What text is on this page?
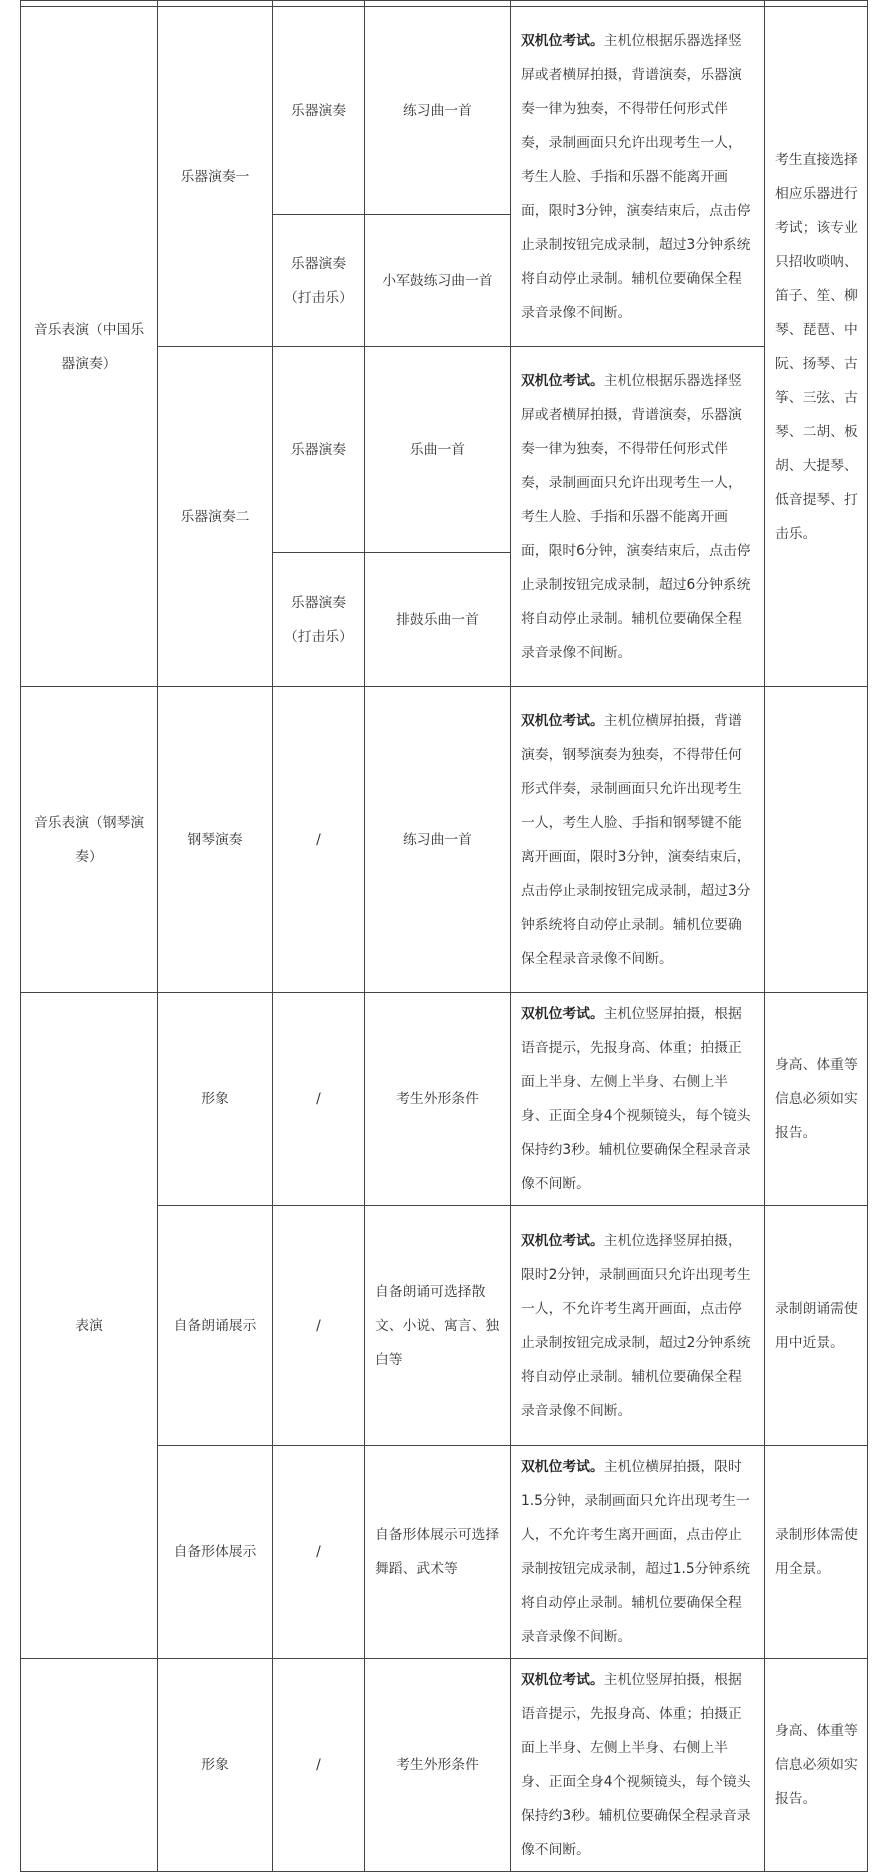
音乐表演（中国乐器演奏）	乐器演奏一	乐器演奏	练习曲一首	双机位考试。主机位根据乐器选择竖屏或者横屏拍摄，背谱演奏，乐器演奏一律为独奏，不得带任何形式伴奏，录制画面只允许出现考生一人，考生人脸、手指和乐器不能离开画面，限时3分钟，演奏结束后，点击停止录制按钮完成录制，超过3分钟系统将自动停止录制。辅机位要确保全程录音录像不间断。	考生直接选择相应乐器进行考试；该专业只招收唢呐、笛子、笙、柳琴、琵琶、中阮、扬琴、古筝、三弦、古琴、二胡、板胡、大提琴、低音提琴、打击乐。
		乐器演奏（打击乐）	小军鼓练习曲一首		
	乐器演奏二	乐器演奏	乐曲一首	双机位考试。主机位根据乐器选择竖屏或者横屏拍摄，背谱演奏，乐器演奏一律为独奏，不得带任何形式伴奏，录制画面只允许出现考生一人，考生人脸、手指和乐器不能离开画面，限时6分钟，演奏结束后，点击停止录制按钮完成录制，超过6分钟系统将自动停止录制。辅机位要确保全程录音录像不间断。	
		乐器演奏（打击乐）	排鼓乐曲一首		
音乐表演（钢琴演奏）	钢琴演奏	/	练习曲一首	双机位考试。主机位横屏拍摄，背谱演奏，钢琴演奏为独奏，不得带任何形式伴奏，录制画面只允许出现考生一人，考生人脸、手指和钢琴键不能离开画面，限时3分钟，演奏结束后，点击停止录制按钮完成录制，超过3分钟系统将自动停止录制。辅机位要确保全程录音录像不间断。	
表演	形象	/	考生外形条件	双机位考试。主机位竖屏拍摄，根据语音提示，先报身高、体重；拍摄正面上半身、左侧上半身、右侧上半身、正面全身4个视频镜头，每个镜头保持约3秒。辅机位要确保全程录音录像不间断。	身高、体重等信息必须如实报告。
	自备朗诵展示	/	自备朗诵可选择散文、小说、寓言、独白等	双机位考试。主机位选择竖屏拍摄，限时2分钟，录制画面只允许出现考生一人，不允许考生离开画面，点击停止录制按钮完成录制，超过2分钟系统将自动停止录制。辅机位要确保全程录音录像不间断。	录制朗诵需使用中近景。
	自备形体展示	/	自备形体展示可选择舞蹈、武术等	双机位考试。主机位横屏拍摄，限时1.5分钟，录制画面只允许出现考生一人，不允许考生离开画面，点击停止录制按钮完成录制，超过1.5分钟系统将自动停止录制。辅机位要确保全程录音录像不间断。	录制形体需使用全景。
	形象	/	考生外形条件	双机位考试。主机位竖屏拍摄，根据语音提示，先报身高、体重；拍摄正面上半身、左侧上半身、右侧上半身、正面全身4个视频镜头，每个镜头保持约3秒。辅机位要确保全程录音录像不间断。	身高、体重等信息必须如实报告。
